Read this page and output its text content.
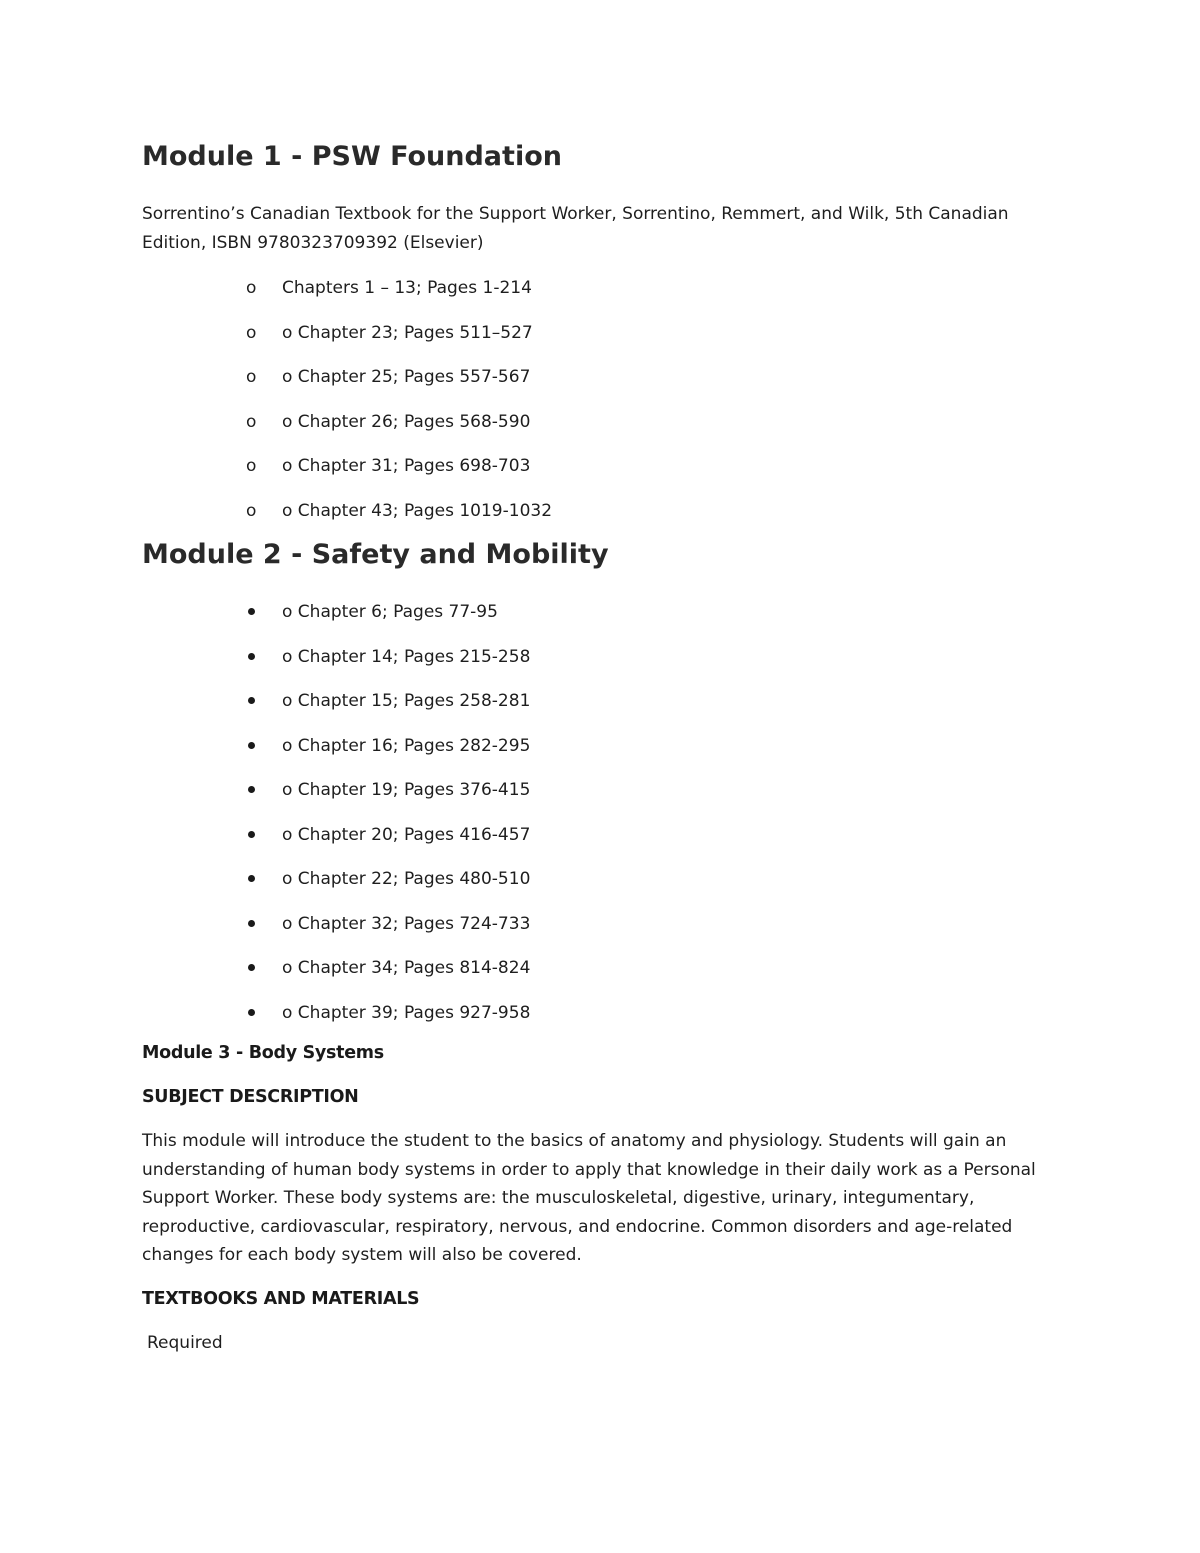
Module 1 - PSW Foundation
Sorrentino’s Canadian Textbook for the Support Worker, Sorrentino, Remmert, and Wilk, 5th Canadian Edition, ISBN 9780323709392 (Elsevier)
o	Chapters 1 – 13; Pages 1-214
o	o Chapter 23; Pages 511–527
o	o Chapter 25; Pages 557-567
o	o Chapter 26; Pages 568-590
o	o Chapter 31; Pages 698-703
o	o Chapter 43; Pages 1019-1032
Module 2 - Safety and Mobility
o Chapter 6; Pages 77-95
o Chapter 14; Pages 215-258
o Chapter 15; Pages 258-281
o Chapter 16; Pages 282-295
o Chapter 19; Pages 376-415
o Chapter 20; Pages 416-457
o Chapter 22; Pages 480-510
o Chapter 32; Pages 724-733
o Chapter 34; Pages 814-824
o Chapter 39; Pages 927-958
Module 3 - Body Systems
SUBJECT DESCRIPTION
This module will introduce the student to the basics of anatomy and physiology. Students will gain an understanding of human body systems in order to apply that knowledge in their daily work as a Personal Support Worker. These body systems are: the musculoskeletal, digestive, urinary, integumentary, reproductive, cardiovascular, respiratory, nervous, and endocrine. Common disorders and age-related changes for each body system will also be covered.
TEXTBOOKS AND MATERIALS
Required
